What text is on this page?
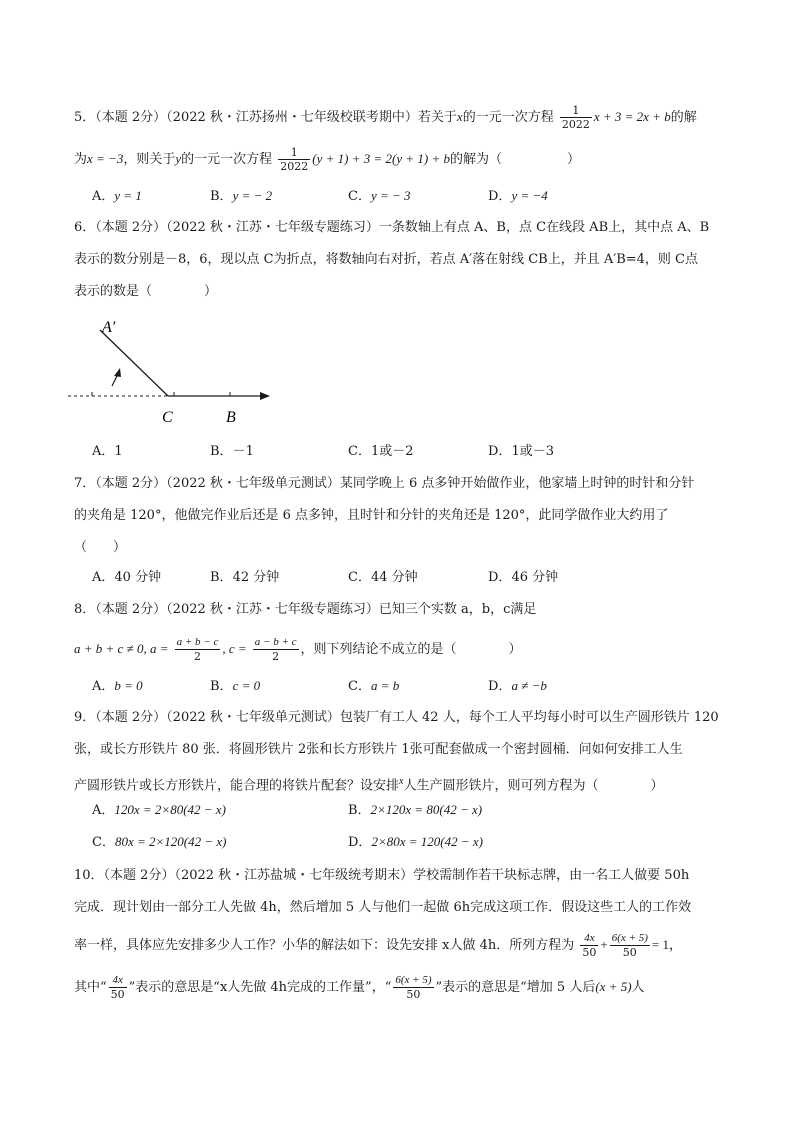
5．（本题 2分）（2022 秋・江苏扬州・七年级校联考期中）若关于x的一元一次方程 $\frac{1}{2022}$ x + 3 = 2x + b的解
为x = −3，则关于y的一元一次方程 $\frac{1}{2022} (y + 1) + 3 = 2(y + 1) + b$的解为（　　　　　）
A．y = 1	B．y = − 2	C．y = − 3	D．y = −4
6．（本题 2分）（2022 秋・江苏・七年级专题练习）一条数轴上有点 A、B，点 C在线段 AB上，其中点 A、B
表示的数分别是－8，6，现以点 C为折点，将数轴向右对折，若点 A′落在射线 CB上，并且 A′B=4，则 C点
表示的数是（　　　　）
A′
C	B
A．1	B．－1	C．1或－2	D．1或－3
7．（本题 2分）（2022 秋・七年级单元测试）某同学晚上 6 点多钟开始做作业，他家墙上时钟的时针和分针
的夹角是 120°，他做完作业后还是 6 点多钟，且时针和分针的夹角还是 120°，此同学做作业大约用了
（　　）
A．40 分钟	B．42 分钟	C．44 分钟	D．46 分钟
8．（本题 2分）（2022 秋・江苏・七年级专题练习）已知三个实数 a，b，c满足
a + b + c ≠ 0, $a = \frac{a + b - c}{2}$ , $c = \frac{a - b + c}{2}$ ，则下列结论不成立的是（　　　　）
A．b = 0	B．c = 0	C．a = b	D．a ≠ −b
9．（本题 2分）（2022 秋・七年级单元测试）包装厂有工人 42 人，每个工人平均每小时可以生产圆形铁片 120
张，或长方形铁片 80 张．将圆形铁片 2张和长方形铁片 1张可配套做成一个密封圆桶．问如何安排工人生
产圆形铁片或长方形铁片，能合理的将铁片配套？设安排$^x$人生产圆形铁片，则可列方程为（　　　　）
A．120x = 2×80(42 − x)	B．2×120x = 80(42 − x)
C．80x = 2×120(42 − x)	D．2×80x = 120(42 − x)
10．（本题 2分）（2022 秋・江苏盐城・七年级统考期末）学校需制作若干块标志牌，由一名工人做要 50h
完成．现计划由一部分工人先做 4h，然后增加 5 人与他们一起做 6h完成这项工作．假设这些工人的工作效
率一样，具体应先安排多少人工作？小华的解法如下：设先安排 x人做 4h．所列方程为 $\frac{4x}{50} + \frac{6(x + 5)}{50} = 1$，
其中“ $\frac{4x}{50}$ ”表示的意思是“x人先做 4h完成的工作量”，“ $\frac{6(x + 5)}{50}$ ”表示的意思是“增加 5 人后(x + 5)人
